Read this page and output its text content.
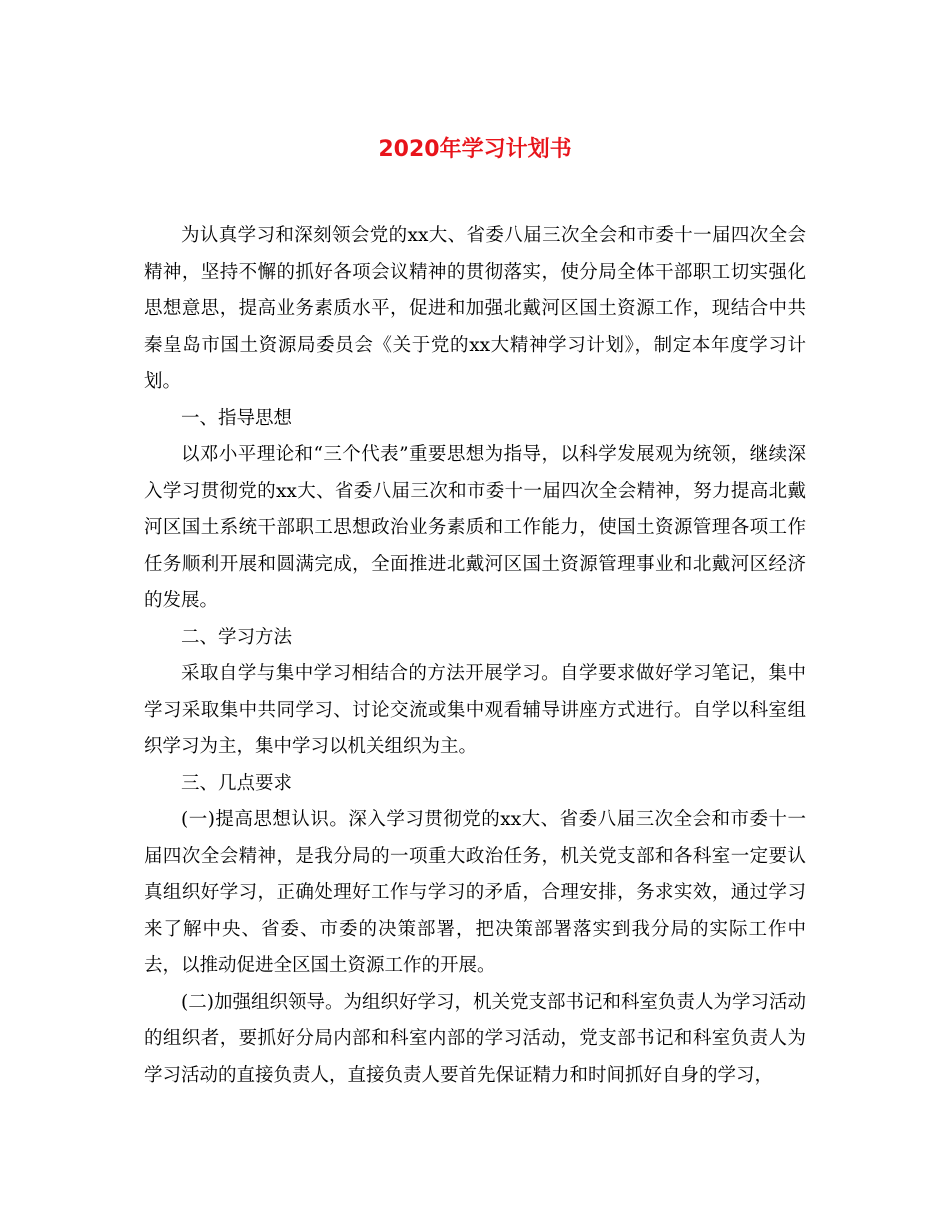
2020年学习计划书

为认真学习和深刻领会党的xx大、省委八届三次全会和市委十一届四次全会精神，坚持不懈的抓好各项会议精神的贯彻落实，使分局全体干部职工切实强化思想意思，提高业务素质水平，促进和加强北戴河区国土资源工作，现结合中共秦皇岛市国土资源局委员会《关于党的xx大精神学习计划》，制定本年度学习计划。

一、指导思想

以邓小平理论和“三个代表”重要思想为指导，以科学发展观为统领，继续深入学习贯彻党的xx大、省委八届三次和市委十一届四次全会精神，努力提高北戴河区国土系统干部职工思想政治业务素质和工作能力，使国土资源管理各项工作任务顺利开展和圆满完成，全面推进北戴河区国土资源管理事业和北戴河区经济的发展。

二、学习方法

采取自学与集中学习相结合的方法开展学习。自学要求做好学习笔记，集中学习采取集中共同学习、讨论交流或集中观看辅导讲座方式进行。自学以科室组织学习为主，集中学习以机关组织为主。

三、几点要求

(一)提高思想认识。深入学习贯彻党的xx大、省委八届三次全会和市委十一届四次全会精神，是我分局的一项重大政治任务，机关党支部和各科室一定要认真组织好学习，正确处理好工作与学习的矛盾，合理安排，务求实效，通过学习来了解中央、省委、市委的决策部署，把决策部署落实到我分局的实际工作中去，以推动促进全区国土资源工作的开展。

(二)加强组织领导。为组织好学习，机关党支部书记和科室负责人为学习活动的组织者，要抓好分局内部和科室内部的学习活动，党支部书记和科室负责人为学习活动的直接负责人，直接负责人要首先保证精力和时间抓好自身的学习，
